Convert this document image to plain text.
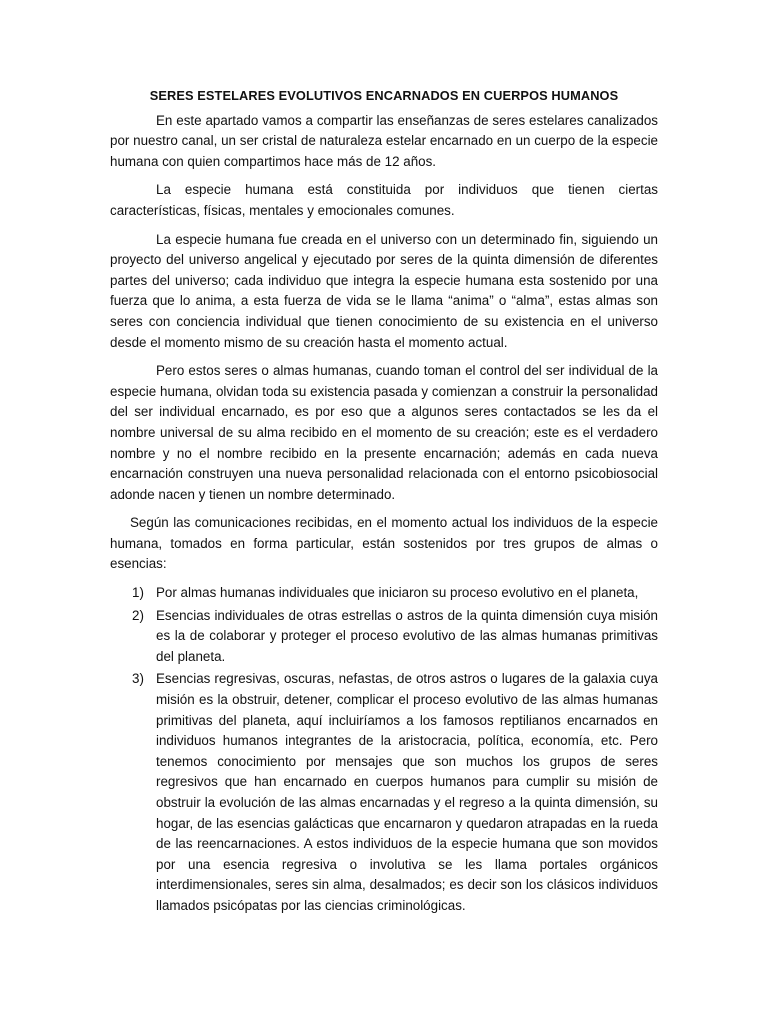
SERES ESTELARES EVOLUTIVOS ENCARNADOS EN CUERPOS HUMANOS

En este apartado vamos a compartir las enseñanzas de seres estelares canalizados por nuestro canal, un ser cristal de naturaleza estelar encarnado en un cuerpo de la especie humana con quien compartimos hace más de 12 años.

La especie humana está constituida por individuos que tienen ciertas características, físicas, mentales y emocionales comunes.

La especie humana fue creada en el universo con un determinado fin, siguiendo un proyecto del universo angelical y ejecutado por seres de la quinta dimensión de diferentes partes del universo; cada individuo que integra la especie humana esta sostenido por una fuerza que lo anima, a esta fuerza de vida se le llama “anima” o “alma”, estas almas son seres con conciencia individual que tienen conocimiento de su existencia en el universo desde el momento mismo de su creación hasta el momento actual.

Pero estos seres o almas humanas, cuando toman el control del ser individual de la especie humana, olvidan toda su existencia pasada y comienzan a construir la personalidad del ser individual encarnado, es por eso que a algunos seres contactados se les da el nombre universal de su alma recibido en el momento de su creación; este es el verdadero nombre y no el nombre recibido en la presente encarnación; además en cada nueva encarnación construyen una nueva personalidad relacionada con el entorno psicobiosocial adonde nacen y tienen un nombre determinado.

Según las comunicaciones recibidas, en el momento actual los individuos de la especie humana, tomados en forma particular, están sostenidos por tres grupos de almas o esencias:

1) Por almas humanas individuales que iniciaron su proceso evolutivo en el planeta,
2) Esencias individuales de otras estrellas o astros de la quinta dimensión cuya misión es la de colaborar y proteger el proceso evolutivo de las almas humanas primitivas del planeta.
3) Esencias regresivas, oscuras, nefastas, de otros astros o lugares de la galaxia cuya misión es la obstruir, detener, complicar el proceso evolutivo de las almas humanas primitivas del planeta, aquí incluiríamos a los famosos reptilianos encarnados en individuos humanos integrantes de la aristocracia, política, economía, etc. Pero tenemos conocimiento por mensajes que son muchos los grupos de seres regresivos que han encarnado en cuerpos humanos para cumplir su misión de obstruir la evolución de las almas encarnadas y el regreso a la quinta dimensión, su hogar, de las esencias galácticas que encarnaron y quedaron atrapadas en la rueda de las reencarnaciones. A estos individuos de la especie humana que son movidos por una esencia regresiva o involutiva se les llama portales orgánicos interdimensionales, seres sin alma, desalmados; es decir son los clásicos individuos llamados psicópatas por las ciencias criminológicas.
